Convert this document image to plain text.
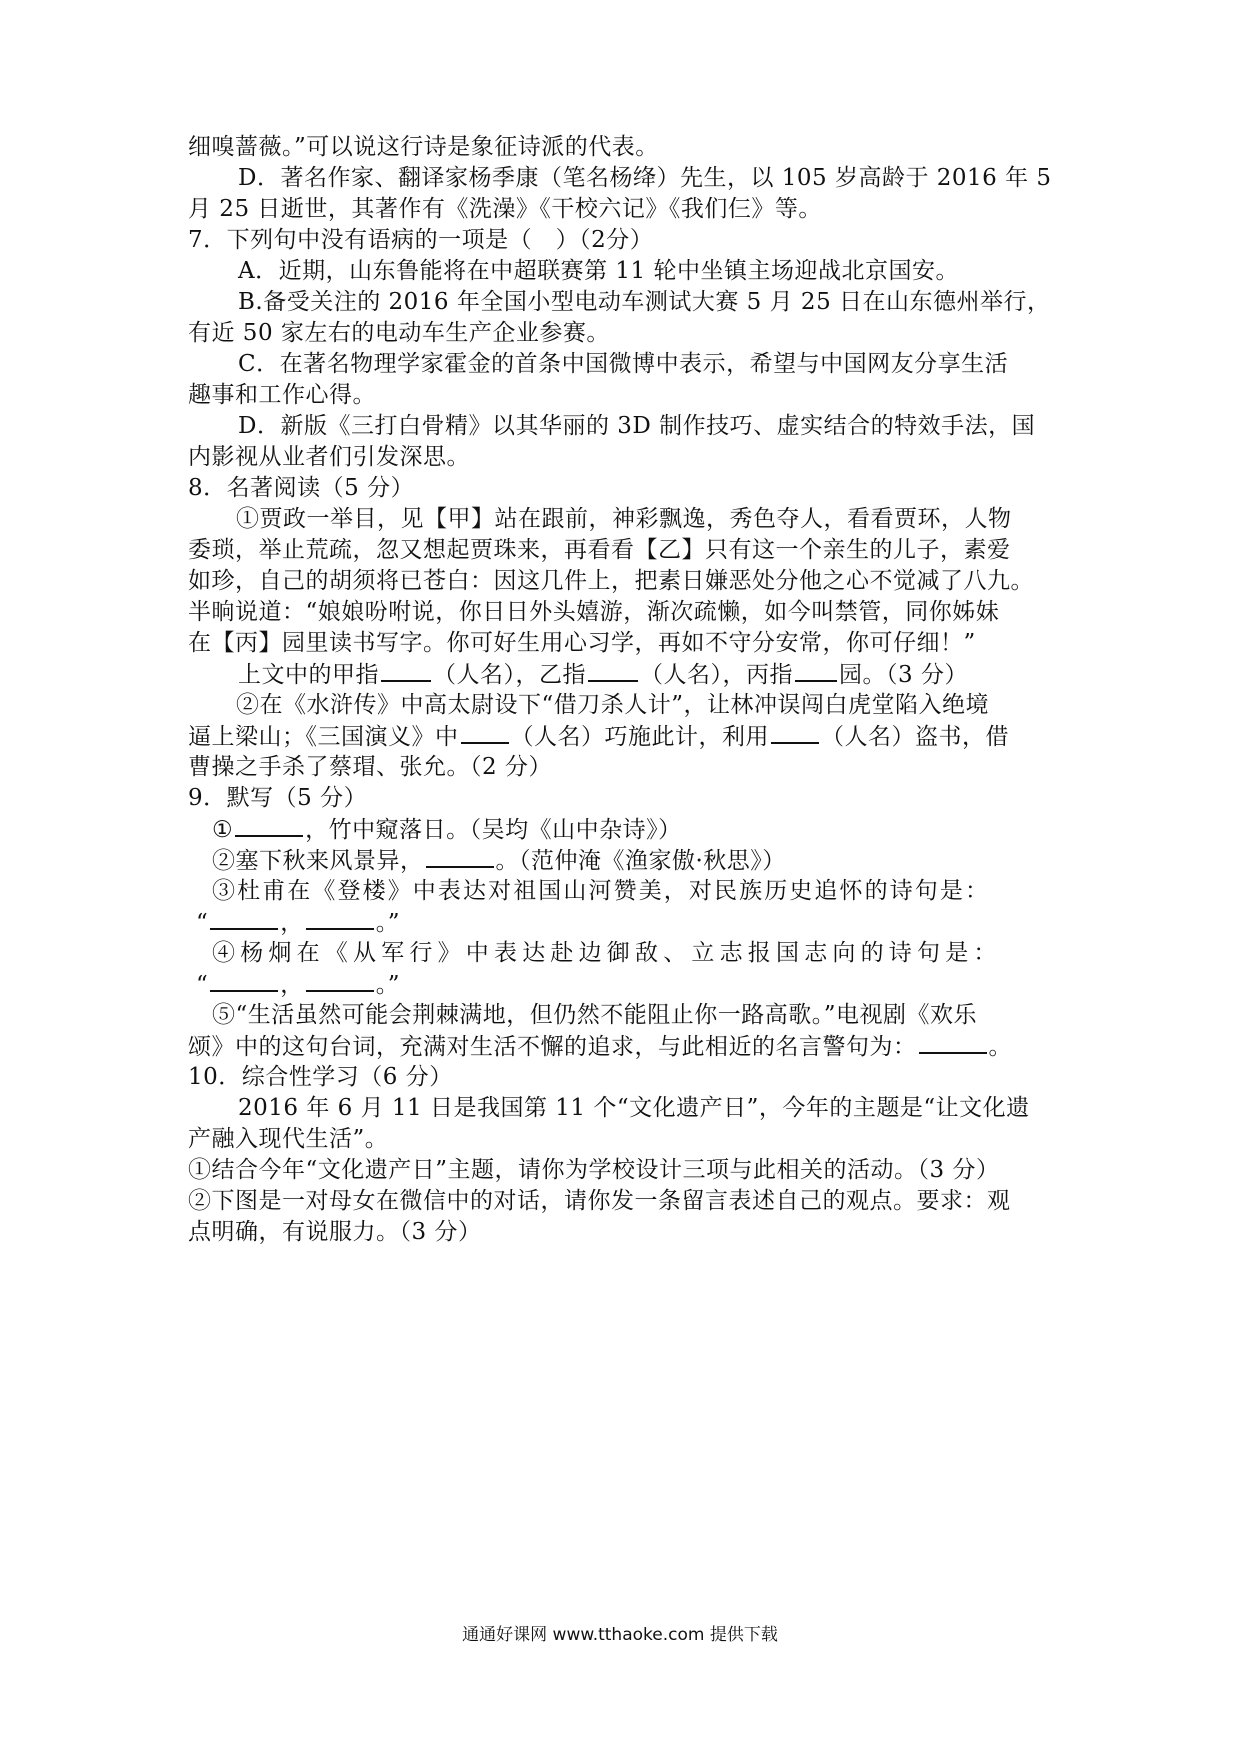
细嗅蔷薇。”可以说这行诗是象征诗派的代表。
D．著名作家、翻译家杨季康（笔名杨绛）先生，以 105 岁高龄于 2016 年 5
月 25 日逝世，其著作有《洗澡》《干校六记》《我们仨》等。
7．下列句中没有语病的一项是（　）（2分）
A．近期，山东鲁能将在中超联赛第 11 轮中坐镇主场迎战北京国安。
B.备受关注的 2016 年全国小型电动车测试大赛 5 月 25 日在山东德州举行，
有近 50 家左右的电动车生产企业参赛。
C．在著名物理学家霍金的首条中国微博中表示，希望与中国网友分享生活
趣事和工作心得。
D．新版《三打白骨精》以其华丽的 3D 制作技巧、虚实结合的特效手法，国
内影视从业者们引发深思。
8．名著阅读（5 分）
①贾政一举目，见【甲】站在跟前，神彩飘逸，秀色夺人，看看贾环，人物
委琐，举止荒疏，忽又想起贾珠来，再看看【乙】只有这一个亲生的儿子，素爱
如珍，自己的胡须将已苍白：因这几件上，把素日嫌恶处分他之心不觉减了八九。
半晌说道：“娘娘吩咐说，你日日外头嬉游，渐次疏懒，如今叫禁管，同你姊妹
在【丙】园里读书写字。你可好生用心习学，再如不守分安常，你可仔细！”
上文中的甲指 （人名），乙指 （人名），丙指 园。（3 分）
②在《水浒传》中高太尉设下“借刀杀人计”，让林冲误闯白虎堂陷入绝境
逼上梁山；《三国演义》中 （人名）巧施此计，利用 （人名）盗书，借
曹操之手杀了蔡瑁、张允。（2 分）
9．默写（5 分）
①	，竹中窥落日。（吴均《山中杂诗》）
②塞下秋来风景异，	。（范仲淹《渔家傲·秋思》）
③杜甫在《登楼》中表达对祖国山河赞美，对民族历史追怀的诗句是：
“	，	。”
④杨炯在《从军行》中表达赴边御敌、立志报国志向的诗句是：
“	，	。”
⑤“生活虽然可能会荆棘满地，但仍然不能阻止你一路高歌。”电视剧《欢乐
颂》中的这句台词，充满对生活不懈的追求，与此相近的名言警句为：	。
10．综合性学习（6 分）
2016 年 6 月 11 日是我国第 11 个“文化遗产日”，今年的主题是“让文化遗
产融入现代生活”。
①结合今年“文化遗产日”主题，请你为学校设计三项与此相关的活动。（3 分）
②下图是一对母女在微信中的对话，请你发一条留言表述自己的观点。要求：观
点明确，有说服力。（3 分）
通通好课网 www.tthaoke.com 提供下载
